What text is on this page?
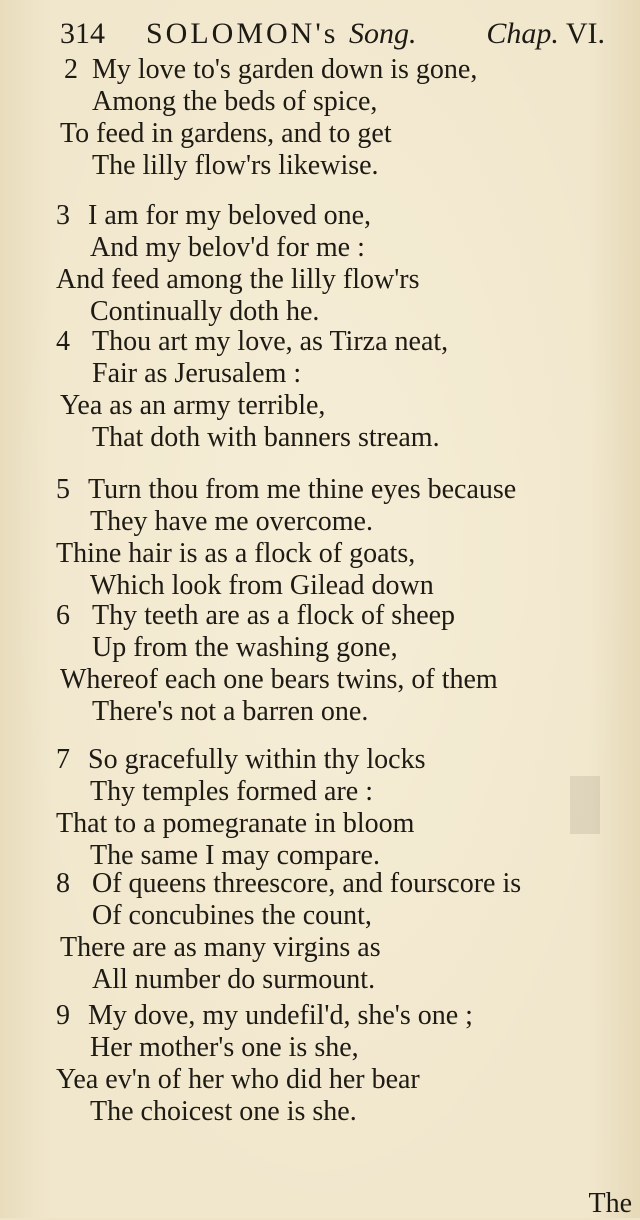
314 SOLOMON's Song. Chap. VI.
2 My love to's garden down is gone,
Among the beds of spice,
To feed in gardens, and to get
The lilly flow'rs likewise.
3 I am for my beloved one,
And my belov'd for me :
And feed among the lilly flow'rs
Continually doth he.
4 Thou art my love, as Tirza neat,
Fair as Jerusalem :
Yea as an army terrible,
That doth with banners stream.
5 Turn thou from me thine eyes because
They have me overcome.
Thine hair is as a flock of goats,
Which look from Gilead down
6 Thy teeth are as a flock of sheep
Up from the washing gone,
Whereof each one bears twins, of them
There's not a barren one.
7 So gracefully within thy locks
Thy temples formed are :
That to a pomegranate in bloom
The same I may compare.
8 Of queens threescore, and fourscore is
Of concubines the count,
There are as many virgins as
All number do surmount.
9 My dove, my undefil'd, she's one ;
Her mother's one is she,
Yea ev'n of her who did her bear
The choicest one is she.
The
